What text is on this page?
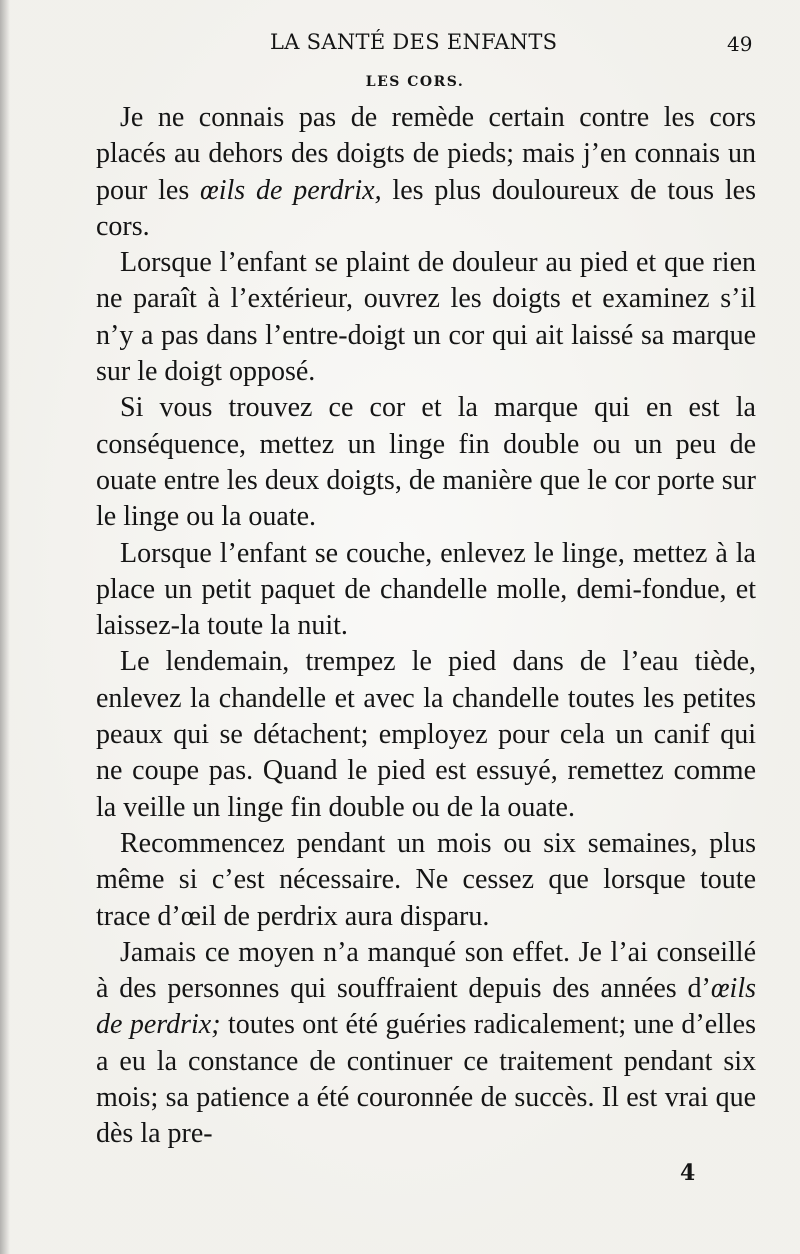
LA SANTÉ DES ENFANTS	49
LES CORS.

Je ne connais pas de remède certain contre les cors placés au dehors des doigts de pieds; mais j’en connais un pour les œils de perdrix, les plus douloureux de tous les cors.

Lorsque l’enfant se plaint de douleur au pied et que rien ne paraît à l’extérieur, ouvrez les doigts et examinez s’il n’y a pas dans l’entre-doigt un cor qui ait laissé sa marque sur le doigt opposé.

Si vous trouvez ce cor et la marque qui en est la conséquence, mettez un linge fin double ou un peu de ouate entre les deux doigts, de manière que le cor porte sur le linge ou la ouate.

Lorsque l’enfant se couche, enlevez le linge, mettez à la place un petit paquet de chandelle molle, demi-fondue, et laissez-la toute la nuit.

Le lendemain, trempez le pied dans de l’eau tiède, enlevez la chandelle et avec la chandelle toutes les petites peaux qui se détachent; employez pour cela un canif qui ne coupe pas. Quand le pied est essuyé, remettez comme la veille un linge fin double ou de la ouate.

Recommencez pendant un mois ou six semaines, plus même si c’est nécessaire. Ne cessez que lorsque toute trace d’œil de perdrix aura disparu.

Jamais ce moyen n’a manqué son effet. Je l’ai conseillé à des personnes qui souffraient depuis des années d’œils de perdrix; toutes ont été guéries radicalement; une d’elles a eu la constance de continuer ce traitement pendant six mois; sa patience a été couronnée de succès. Il est vrai que dès la pre-

4
